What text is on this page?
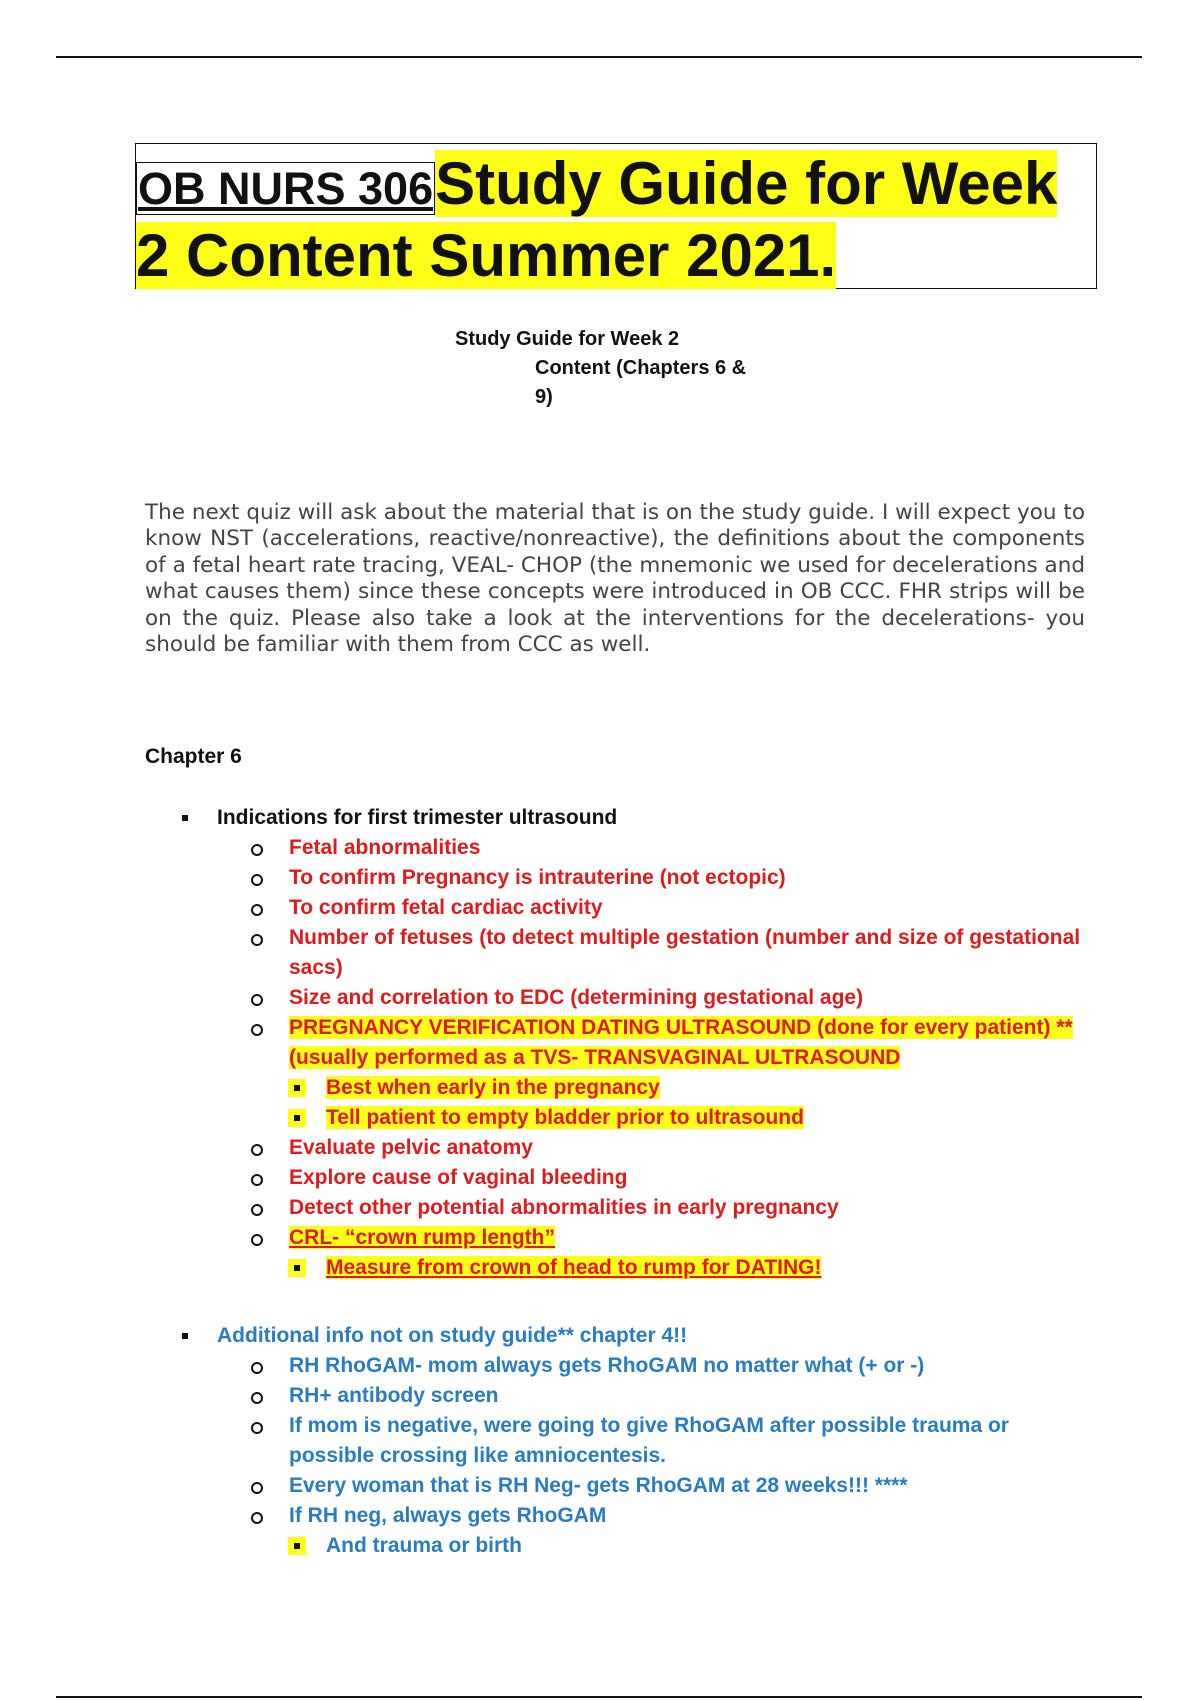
OB NURS 306Study Guide for Week
2 Content Summer 2021.
Study Guide for Week 2
Content (Chapters 6 &
9)

The next quiz will ask about the material that is on the study guide. I will expect you to know NST (accelerations, reactive/nonreactive), the definitions about the components of a fetal heart rate tracing, VEAL- CHOP (the mnemonic we used for decelerations and what causes them) since these concepts were introduced in OB CCC. FHR strips will be on the quiz. Please also take a look at the interventions for the decelerations- you should be familiar with them from CCC as well.

Chapter 6
Indications for first trimester ultrasound
Fetal abnormalities
To confirm Pregnancy is intrauterine (not ectopic)
To confirm fetal cardiac activity
Number of fetuses (to detect multiple gestation (number and size of gestational sacs)
Size and correlation to EDC (determining gestational age)
PREGNANCY VERIFICATION DATING ULTRASOUND (done for every patient) ** (usually performed as a TVS- TRANSVAGINAL ULTRASOUND
Best when early in the pregnancy
Tell patient to empty bladder prior to ultrasound
Evaluate pelvic anatomy
Explore cause of vaginal bleeding
Detect other potential abnormalities in early pregnancy
CRL- “crown rump length”
Measure from crown of head to rump for DATING!
Additional info not on study guide** chapter 4!!
RH RhoGAM- mom always gets RhoGAM no matter what (+ or -)
RH+ antibody screen
If mom is negative, were going to give RhoGAM after possible trauma or possible crossing like amniocentesis.
Every woman that is RH Neg- gets RhoGAM at 28 weeks!!! ****
If RH neg, always gets RhoGAM
And trauma or birth
